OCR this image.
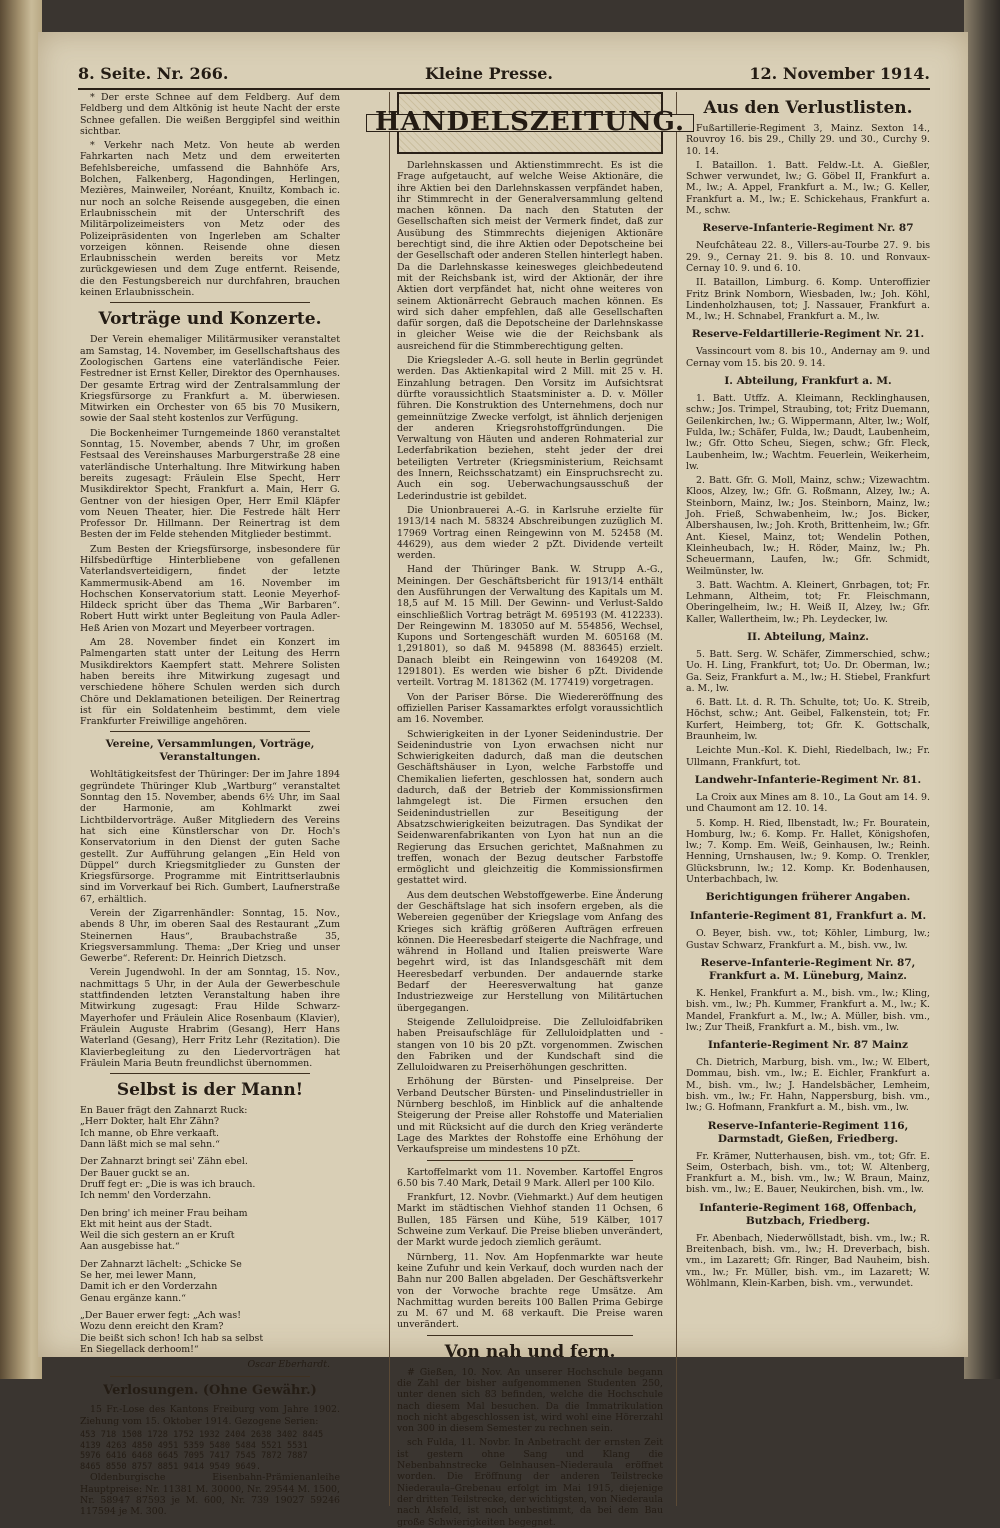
8. Seite. Nr. 266.	Kleine Presse.	12. November 1914.

* Der erste Schnee auf dem Feldberg. Auf dem Feldberg und dem Altkönig ist heute Nacht der erste Schnee gefallen. Die weißen Berggipfel sind weithin sichtbar.

* Verkehr nach Metz. Von heute ab werden Fahrkarten nach Metz und dem erweiterten Befehlsbereiche, umfassend die Bahnhöfe Ars, Bolchen, Falkenberg, Hagondingen, Herlingen, Mezières, Mainweiler, Noréant, Knuiltz, Kombach ic. nur noch an solche Reisende ausgegeben, die einen Erlaubnisschein mit der Unterschrift des Militärpolizeimeisters von Metz oder des Polizeipräsidenten von Ingerleben am Schalter vorzeigen können. Reisende ohne diesen Erlaubnisschein werden bereits vor Metz zurückgewiesen und dem Zuge entfernt. Reisende, die den Festungsbereich nur durchfahren, brauchen keinen Erlaubnisschein.

Vorträge und Konzerte.

Der Verein ehemaliger Militärmusiker veranstaltet am Samstag, 14. November, im Gesellschaftshaus des Zoologischen Gartens eine vaterländische Feier. Festredner ist Ernst Keller, Direktor des Opernhauses. Der gesamte Ertrag wird der Zentralsammlung der Kriegsfürsorge zu Frankfurt a. M. überwiesen. Mitwirken ein Orchester von 65 bis 70 Musikern, sowie der Saal steht kostenlos zur Verfügung.

Die Bockenheimer Turngemeinde 1860 veranstaltet Sonntag, 15. November, abends 7 Uhr, im großen Festsaal des Vereinshauses Marburgerstraße 28 eine vaterländische Unterhaltung. Ihre Mitwirkung haben bereits zugesagt: Fräulein Else Specht, Herr Musikdirektor Specht, Frankfurt a. Main, Herr G. Gentner von der hiesigen Oper, Herr Emil Kläpfer vom Neuen Theater, hier. Die Festrede hält Herr Professor Dr. Hillmann. Der Reinertrag ist dem Besten der im Felde stehenden Mitglieder bestimmt.

Zum Besten der Kriegsfürsorge, insbesondere für Hilfsbedürftige Hinterbliebene von gefallenen Vaterlandsverteidigern, findet der letzte Kammermusik-Abend am 16. November im Hochschen Konservatorium statt. Leonie Meyerhof-Hildeck spricht über das Thema „Wir Barbaren“. Robert Hutt wirkt unter Begleitung von Paula Adler-Heß Arien von Mozart und Meyerbeer vortragen.

Am 28. November findet ein Konzert im Palmengarten statt unter der Leitung des Herrn Musikdirektors Kaempfert statt. Mehrere Solisten haben bereits ihre Mitwirkung zugesagt und verschiedene höhere Schulen werden sich durch Chöre und Deklamationen beteiligen. Der Reinertrag ist für ein Soldatenheim bestimmt, dem viele Frankfurter Freiwillige angehören.

Vereine, Versammlungen, Vorträge, Veranstaltungen.

Wohltätigkeitsfest der Thüringer: Der im Jahre 1894 gegründete Thüringer Klub „Wartburg“ veranstaltet Sonntag den 15. November, abends 6½ Uhr, im Saal der Harmonie, am Kohlmarkt zwei Lichtbildervorträge. Außer Mitgliedern des Vereins hat sich eine Künstlerschar von Dr. Hoch's Konservatorium in den Dienst der guten Sache gestellt. Zur Aufführung gelangen „Ein Held von Düppel“ durch Kriegsmitglieder zu Gunsten der Kriegsfürsorge. Programme mit Eintrittserlaubnis sind im Vorverkauf bei Rich. Gumbert, Laufnerstraße 67, erhältlich.

Verein der Zigarrenhändler: Sonntag, 15. Nov., abends 8 Uhr, im oberen Saal des Restaurant „Zum Steinernen Haus“, Braubachstraße 35, Kriegsversammlung. Thema: „Der Krieg und unser Gewerbe“. Referent: Dr. Heinrich Dietzsch.

Verein Jugendwohl. In der am Sonntag, 15. Nov., nachmittags 5 Uhr, in der Aula der Gewerbeschule stattfindenden letzten Veranstaltung haben ihre Mitwirkung zugesagt: Frau Hilde Schwarz-Mayerhofer und Fräulein Alice Rosenbaum (Klavier), Fräulein Auguste Hrabrim (Gesang), Herr Hans Waterland (Gesang), Herr Fritz Lehr (Rezitation). Die Klavierbegleitung zu den Liedervorträgen hat Fräulein Maria Beutn freundlichst übernommen.

Selbst is der Mann!

En Bauer frägt den Zahnarzt Ruck:

„Herr Dokter, halt Ehr Zähn?

Ich manne, ob Ehre verkaaft.

Dann läßt mich se mal sehn.“

Der Zahnarzt bringt sei' Zähn ebel.

Der Bauer guckt se an.

Druff fegt er: „Die is was ich brauch.

Ich nemm' den Vorderzahn.

Den bring' ich meiner Frau beiham

Ekt mit heint aus der Stadt.

Weil die sich gestern an er Kruſt

Aan ausgebisse hat.“

Der Zahnarzt lächelt: „Schicke Se

Se her, mei lewer Mann,

Damit ich er den Vorderzahn

Genau ergänze kann.“

„Der Bauer erwer fegt: „Ach was!

Wozu denn ereicht den Kram?

Die beißt sich schon! Ich hab sa selbst

En Siegellack derhoom!“

Oscar Eberhardt.
Verlosungen. (Ohne Gewähr.)

15 Fr.-Lose des Kantons Freiburg vom Jahre 1902. Ziehung vom 15. Oktober 1914. Gezogene Serien:

453 718 1508 1728 1752 1932 2404 2638 3402 8445
4139 4263 4850 4951 5359 5480 5484 5521 5531
5976 6416 6468 6645 7095 7417 7545 7872 7887
8465 8550 8757 8851 9414 9549 9649.

Oldenburgische Eisenbahn-Prämienanleihe Hauptpreise: Nr. 11381 M. 30000, Nr. 29544 M. 1500, Nr. 58947 87593 je M. 600, Nr. 739 19027 59246 117594 je M. 300.

HANDELSZEITUNG.

Darlehnskassen und Aktienstimmrecht. Es ist die Frage aufgetaucht, auf welche Weise Aktionäre, die ihre Aktien bei den Darlehnskassen verpfändet haben, ihr Stimmrecht in der Generalversammlung geltend machen können. Da nach den Statuten der Gesellschaften sich meist der Vermerk findet, daß zur Ausübung des Stimmrechts diejenigen Aktionäre berechtigt sind, die ihre Aktien oder Depotscheine bei der Gesellschaft oder anderen Stellen hinterlegt haben. Da die Darlehnskasse keinesweges gleichbedeutend mit der Reichsbank ist, wird der Aktionär, der ihre Aktien dort verpfändet hat, nicht ohne weiteres von seinem Aktionärrecht Gebrauch machen können. Es wird sich daher empfehlen, daß alle Gesellschaften dafür sorgen, daß die Depotscheine der Darlehnskasse in gleicher Weise wie die der Reichsbank als ausreichend für die Stimmberechtigung gelten.

Die Kriegsleder A.-G. soll heute in Berlin gegründet werden. Das Aktienkapital wird 2 Mill. mit 25 v. H. Einzahlung betragen. Den Vorsitz im Aufsichtsrat dürfte voraussichtlich Staatsminister a. D. v. Möller führen. Die Konstruktion des Unternehmens, doch nur gemeinnützige Zwecke verfolgt, ist ähnlich derjenigen der anderen Kriegsrohstoffgründungen. Die Verwaltung von Häuten und anderen Rohmaterial zur Lederfabrikation beziehen, steht jeder der drei beteiligten Vertreter (Kriegsministerium, Reichsamt des Innern, Reichsschatzamt) ein Einspruchsrecht zu. Auch ein sog. Ueberwachungsausschuß der Lederindustrie ist gebildet.

Die Unionbrauerei A.-G. in Karlsruhe erzielte für 1913/14 nach M. 58324 Abschreibungen zuzüglich M. 17969 Vortrag einen Reingewinn von M. 52458 (M. 44629), aus dem wieder 2 pZt. Dividende verteilt werden.

Hand der Thüringer Bank. W. Strupp A.-G., Meiningen. Der Geschäftsbericht für 1913/14 enthält den Ausführungen der Verwaltung des Kapitals um M. 18,5 auf M. 15 Mill. Der Gewinn- und Verlust-Saldo einschließlich Vortrag beträgt M. 695193 (M. 412233). Der Reingewinn M. 183050 auf M. 554856, Wechsel, Kupons und Sortengeschäft wurden M. 605168 (M. 1,291801), so daß M. 945898 (M. 883645) erzielt. Danach bleibt ein Reingewinn von 1649208 (M. 1291801). Es werden wie bisher 6 pZt. Dividende verteilt. Vortrag M. 181362 (M. 177419) vorgetragen.

Von der Pariser Börse. Die Wiedereröffnung des offiziellen Pariser Kassamarktes erfolgt voraussichtlich am 16. November.

Schwierigkeiten in der Lyoner Seidenindustrie. Der Seidenindustrie von Lyon erwachsen nicht nur Schwierigkeiten dadurch, daß man die deutschen Geschäftshäuser in Lyon, welche Farbstoffe und Chemikalien lieferten, geschlossen hat, sondern auch dadurch, daß der Betrieb der Kommissionsfirmen lahmgelegt ist. Die Firmen ersuchen den Seidenindustriellen zur Beseitigung der Absatzschwierigkeiten beizutragen. Das Syndikat der Seidenwarenfabrikanten von Lyon hat nun an die Regierung das Ersuchen gerichtet, Maßnahmen zu treffen, wonach der Bezug deutscher Farbstoffe ermöglicht und gleichzeitig die Kommissionsfirmen gestattet wird.

Aus dem deutschen Webstoffgewerbe. Eine Änderung der Geschäftslage hat sich insofern ergeben, als die Webereien gegenüber der Kriegslage vom Anfang des Krieges sich kräftig größeren Aufträgen erfreuen können. Die Heeresbedarf steigerte die Nachfrage, und während in Holland und Italien preiswerte Ware begehrt wird, ist das Inlandsgeschäft mit dem Heeresbedarf verbunden. Der andauernde starke Bedarf der Heeresverwaltung hat ganze Industriezweige zur Herstellung von Militärtuchen übergegangen.

Steigende Zelluloidpreise. Die Zelluloidfabriken haben Preisaufschläge für Zelluloidplatten und -stangen von 10 bis 20 pZt. vorgenommen. Zwischen den Fabriken und der Kundschaft sind die Zelluloidwaren zu Preiserhöhungen geschritten.

Erhöhung der Bürsten- und Pinselpreise. Der Verband Deutscher Bürsten- und Pinselindustrieller in Nürnberg beschloß, im Hinblick auf die anhaltende Steigerung der Preise aller Rohstoffe und Materialien und mit Rücksicht auf die durch den Krieg veränderte Lage des Marktes der Rohstoffe eine Erhöhung der Verkaufspreise um mindestens 10 pZt.

Kartoffelmarkt vom 11. November. Kartoffel Engros 6.50 bis 7.40 Mark, Detail 9 Mark. Allerl per 100 Kilo.

Frankfurt, 12. Novbr. (Viehmarkt.) Auf dem heutigen Markt im städtischen Viehhof standen 11 Ochsen, 6 Bullen, 185 Färsen und Kühe, 519 Kälber, 1017 Schweine zum Verkauf. Die Preise blieben unverändert, der Markt wurde jedoch ziemlich geräumt.

Nürnberg, 11. Nov. Am Hopfenmarkte war heute keine Zufuhr und kein Verkauf, doch wurden nach der Bahn nur 200 Ballen abgeladen. Der Geschäftsverkehr von der Vorwoche brachte rege Umsätze. Am Nachmittag wurden bereits 100 Ballen Prima Gebirge zu M. 67 und M. 68 verkauft. Die Preise waren unverändert.

Von nah und fern.

# Gießen, 10. Nov. An unserer Hochschule begann die Zahl der bisher aufgenommenen Studenten 250, unter denen sich 83 befinden, welche die Hochschule nach diesem Mal besuchen. Da die Immatrikulation noch nicht abgeschlossen ist, wird wohl eine Hörerzahl von 300 in diesem Semester zu rechnen sein.

sch Fulda, 11. Novbr. In Anbetracht der ernsten Zeit ist gestern ohne Sang und Klang die Nebenbahnstrecke Gelnhausen–Niederaula eröffnet worden. Die Eröffnung der anderen Teilstrecke Niederaula–Grebenau erfolgt im Mai 1915, diejenige der dritten Teilstrecke, der wichtigsten, von Niederaula nach Alsfeld, ist noch unbestimmt, da bei dem Bau große Schwierigkeiten begegnet.

Aus den Verlustlisten.

Fußartillerie-Regiment 3, Mainz. Sexton 14., Rouvroy 16. bis 29., Chilly 29. und 30., Curchy 9. 10. 14.

I. Bataillon. 1. Batt. Feldw.-Lt. A. Gießler, Schwer verwundet, lw.; G. Göbel II, Frankfurt a. M., lw.; A. Appel, Frankfurt a. M., lw.; G. Keller, Frankfurt a. M., lw.; E. Schickehaus, Frankfurt a. M., schw.

Reserve-Infanterie-Regiment Nr. 87

Neufchâteau 22. 8., Villers-au-Tourbe 27. 9. bis 29. 9., Cernay 21. 9. bis 8. 10. und Ronvaux-Cernay 10. 9. und 6. 10.

II. Bataillon, Limburg. 6. Komp. Unteroffizier Fritz Brink Nomborn, Wiesbaden, lw.; Joh. Köhl, Lindenholzhausen, tot; J. Nassauer, Frankfurt a. M., lw.; H. Schnabel, Frankfurt a. M., lw.

Reserve-Feldartillerie-Regiment Nr. 21.

Vassincourt vom 8. bis 10., Andernay am 9. und Cernay vom 15. bis 20. 9. 14.

I. Abteilung, Frankfurt a. M.

1. Batt. Utffz. A. Kleimann, Recklinghausen, schw.; Jos. Trimpel, Straubing, tot; Fritz Duemann, Geilenkirchen, lw.; G. Wippermann, Alter, lw.; Wolf, Fulda, lw.; Schäfer, Fulda, lw.; Daudt, Laubenheim, lw.; Gfr. Otto Scheu, Siegen, schw.; Gfr. Fleck, Laubenheim, lw.; Wachtm. Feuerlein, Weikerheim, lw.

2. Batt. Gfr. G. Moll, Mainz, schw.; Vizewachtm. Kloos, Alzey, lw.; Gfr. G. Roßmann, Alzey, lw.; A. Steinborn, Mainz, lw.; Jos. Steinborn, Mainz, lw.; Joh. Frieß, Schwabenheim, lw.; Jos. Bicker, Albershausen, lw.; Joh. Kroth, Brittenheim, lw.; Gfr. Ant. Kiesel, Mainz, tot; Wendelin Pothen, Kleinheubach, lw.; H. Röder, Mainz, lw.; Ph. Scheuermann, Laufen, lw.; Gfr. Schmidt, Weilmünster, lw.

3. Batt. Wachtm. A. Kleinert, Gnrbagen, tot; Fr. Lehmann, Altheim, tot; Fr. Fleischmann, Oberingelheim, lw.; H. Weiß II, Alzey, lw.; Gfr. Kaller, Wallertheim, lw.; Ph. Leydecker, lw.

II. Abteilung, Mainz.

5. Batt. Serg. W. Schäfer, Zimmerschied, schw.; Uo. H. Ling, Frankfurt, tot; Uo. Dr. Oberman, lw.; Ga. Seiz, Frankfurt a. M., lw.; H. Stiebel, Frankfurt a. M., lw.

6. Batt. Lt. d. R. Th. Schulte, tot; Uo. K. Streib, Höchst, schw.; Ant. Geibel, Falkenstein, tot; Fr. Kurfert, Heimberg, tot; Gfr. K. Gottschalk, Braunheim, lw.

Leichte Mun.-Kol. K. Diehl, Riedelbach, lw.; Fr. Ullmann, Frankfurt, tot.

Landwehr-Infanterie-Regiment Nr. 81.

La Croix aux Mines am 8. 10., La Gout am 14. 9. und Chaumont am 12. 10. 14.

5. Komp. H. Ried, Ilbenstadt, lw.; Fr. Bouratein, Homburg, lw.; 6. Komp. Fr. Hallet, Königshofen, lw.; 7. Komp. Em. Weiß, Geinhausen, lw.; Reinh. Henning, Urnshausen, lw.; 9. Komp. O. Trenkler, Glücksbrunn, lw.; 12. Komp. Kr. Bodenhausen, Unterbachbach, lw.

Berichtigungen früherer Angaben.
Infanterie-Regiment 81, Frankfurt a. M.

O. Beyer, bish. vw., tot; Köhler, Limburg, lw.; Gustav Schwarz, Frankfurt a. M., bish. vw., lw.

Reserve-Infanterie-Regiment Nr. 87, Frankfurt a. M. Lüneburg, Mainz.

K. Henkel, Frankfurt a. M., bish. vm., lw.; Kling, bish. vm., lw.; Ph. Kummer, Frankfurt a. M., lw.; K. Mandel, Frankfurt a. M., lw.; A. Müller, bish. vm., lw.; Zur Theiß, Frankfurt a. M., bish. vm., lw.

Infanterie-Regiment Nr. 87 Mainz

Ch. Dietrich, Marburg, bish. vm., lw.; W. Elbert, Dommau, bish. vm., lw.; E. Eichler, Frankfurt a. M., bish. vm., lw.; J. Handelsbächer, Lemheim, bish. vm., lw.; Fr. Hahn, Nappersburg, bish. vm., lw.; G. Hofmann, Frankfurt a. M., bish. vm., lw.

Reserve-Infanterie-Regiment 116, Darmstadt, Gießen, Friedberg.

Fr. Krämer, Nutterhausen, bish. vm., tot; Gfr. E. Seim, Osterbach, bish. vm., tot; W. Altenberg, Frankfurt a. M., bish. vm., lw.; W. Braun, Mainz, bish. vm., lw.; E. Bauer, Neukirchen, bish. vm., lw.

Infanterie-Regiment 168, Offenbach, Butzbach, Friedberg.

Fr. Abenbach, Niederwöllstadt, bish. vm., lw.; R. Breitenbach, bish. vm., lw.; H. Dreverbach, bish. vm., im Lazarett; Gfr. Ringer, Bad Nauheim, bish. vm., lw.; Fr. Müller, bish. vm., im Lazarett; W. Wöhlmann, Klein-Karben, bish. vm., verwundet.
